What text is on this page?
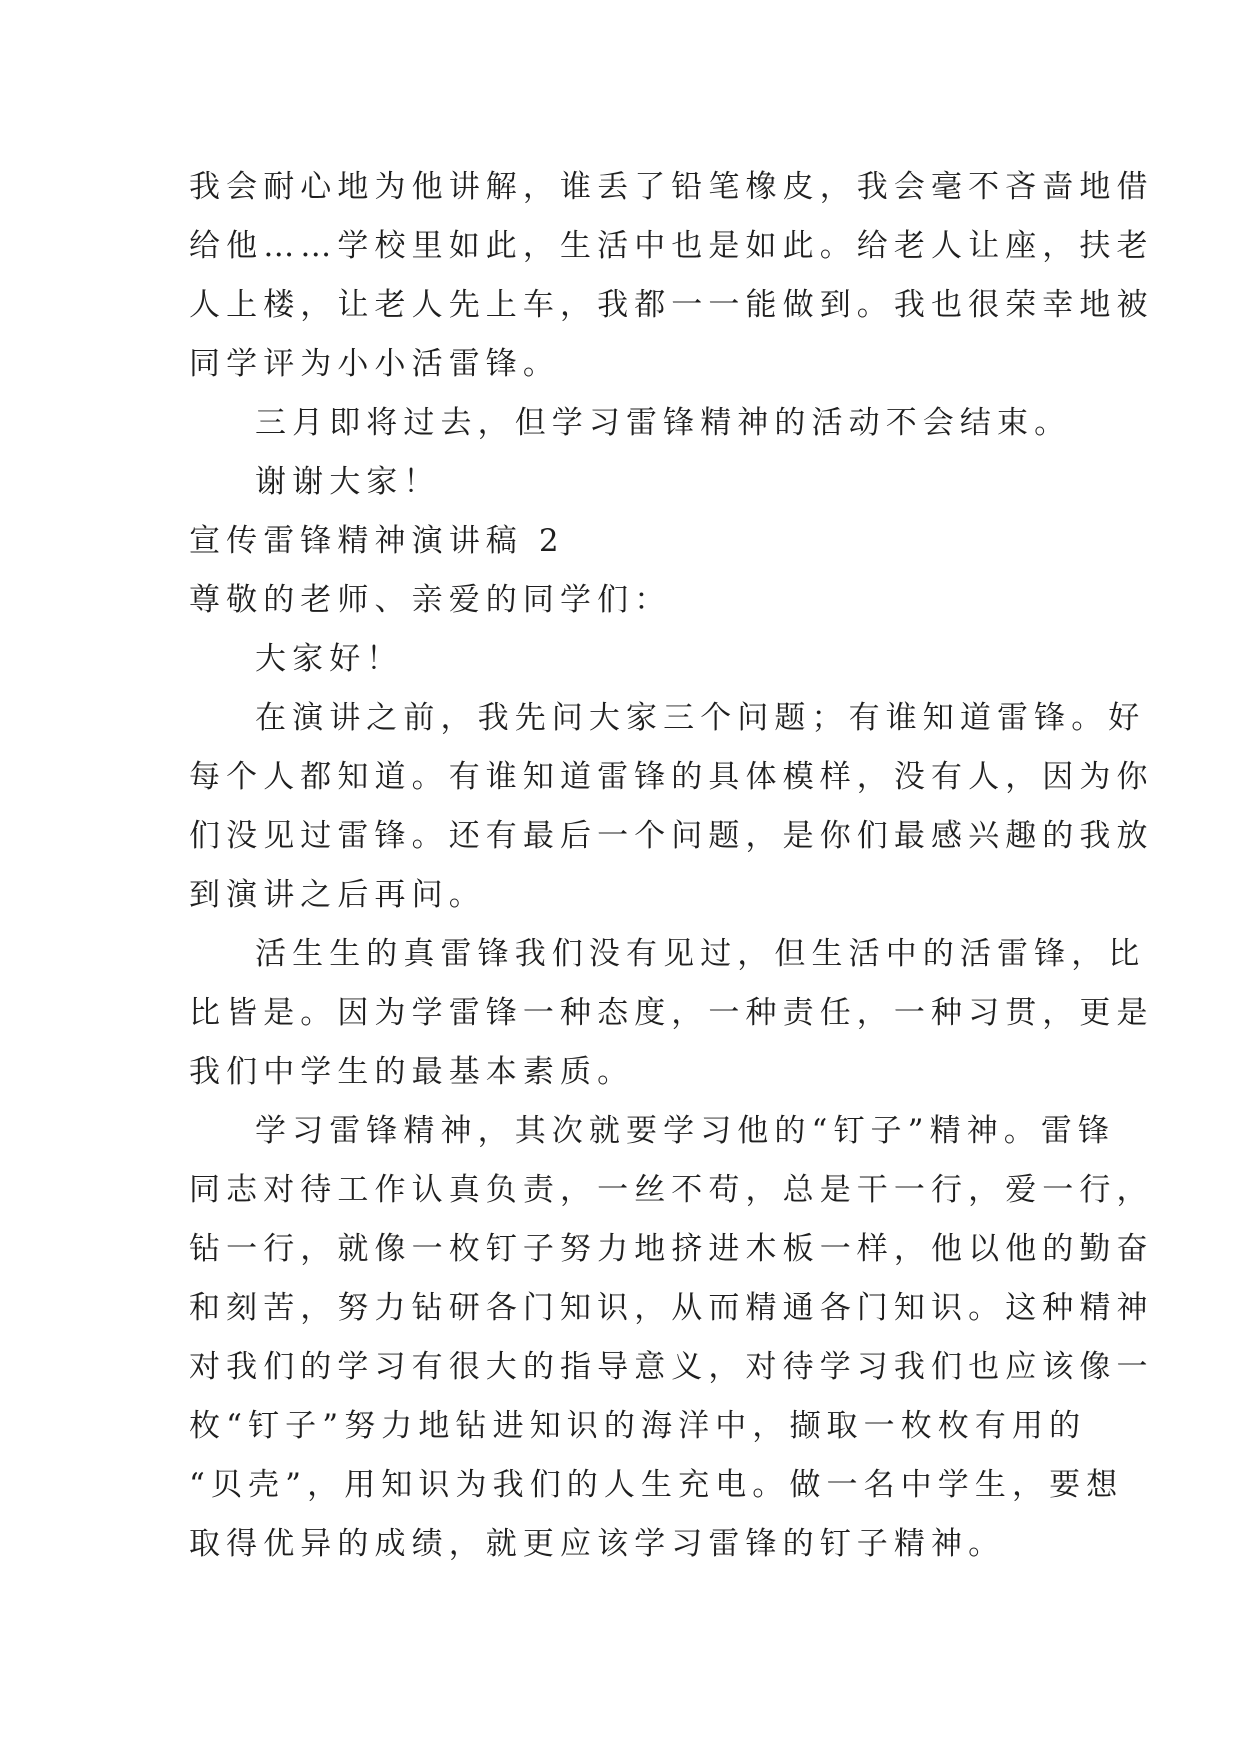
我会耐心地为他讲解，谁丢了铅笔橡皮，我会毫不吝啬地借

给他……学校里如此，生活中也是如此。给老人让座，扶老

人上楼，让老人先上车，我都一一能做到。我也很荣幸地被

同学评为小小活雷锋。

三月即将过去，但学习雷锋精神的活动不会结束。

谢谢大家！

宣传雷锋精神演讲稿 2

尊敬的老师、亲爱的同学们：

大家好！

在演讲之前，我先问大家三个问题；有谁知道雷锋。好

每个人都知道。有谁知道雷锋的具体模样，没有人，因为你

们没见过雷锋。还有最后一个问题，是你们最感兴趣的我放

到演讲之后再问。

活生生的真雷锋我们没有见过，但生活中的活雷锋，比

比皆是。因为学雷锋一种态度，一种责任，一种习贯，更是

我们中学生的最基本素质。

学习雷锋精神，其次就要学习他的“钉子”精神。雷锋

同志对待工作认真负责，一丝不苟，总是干一行，爱一行，

钻一行，就像一枚钉子努力地挤进木板一样，他以他的勤奋

和刻苦，努力钻研各门知识，从而精通各门知识。这种精神

对我们的学习有很大的指导意义，对待学习我们也应该像一

枚“钉子”努力地钻进知识的海洋中，撷取一枚枚有用的

“贝壳”，用知识为我们的人生充电。做一名中学生，要想

取得优异的成绩，就更应该学习雷锋的钉子精神。
